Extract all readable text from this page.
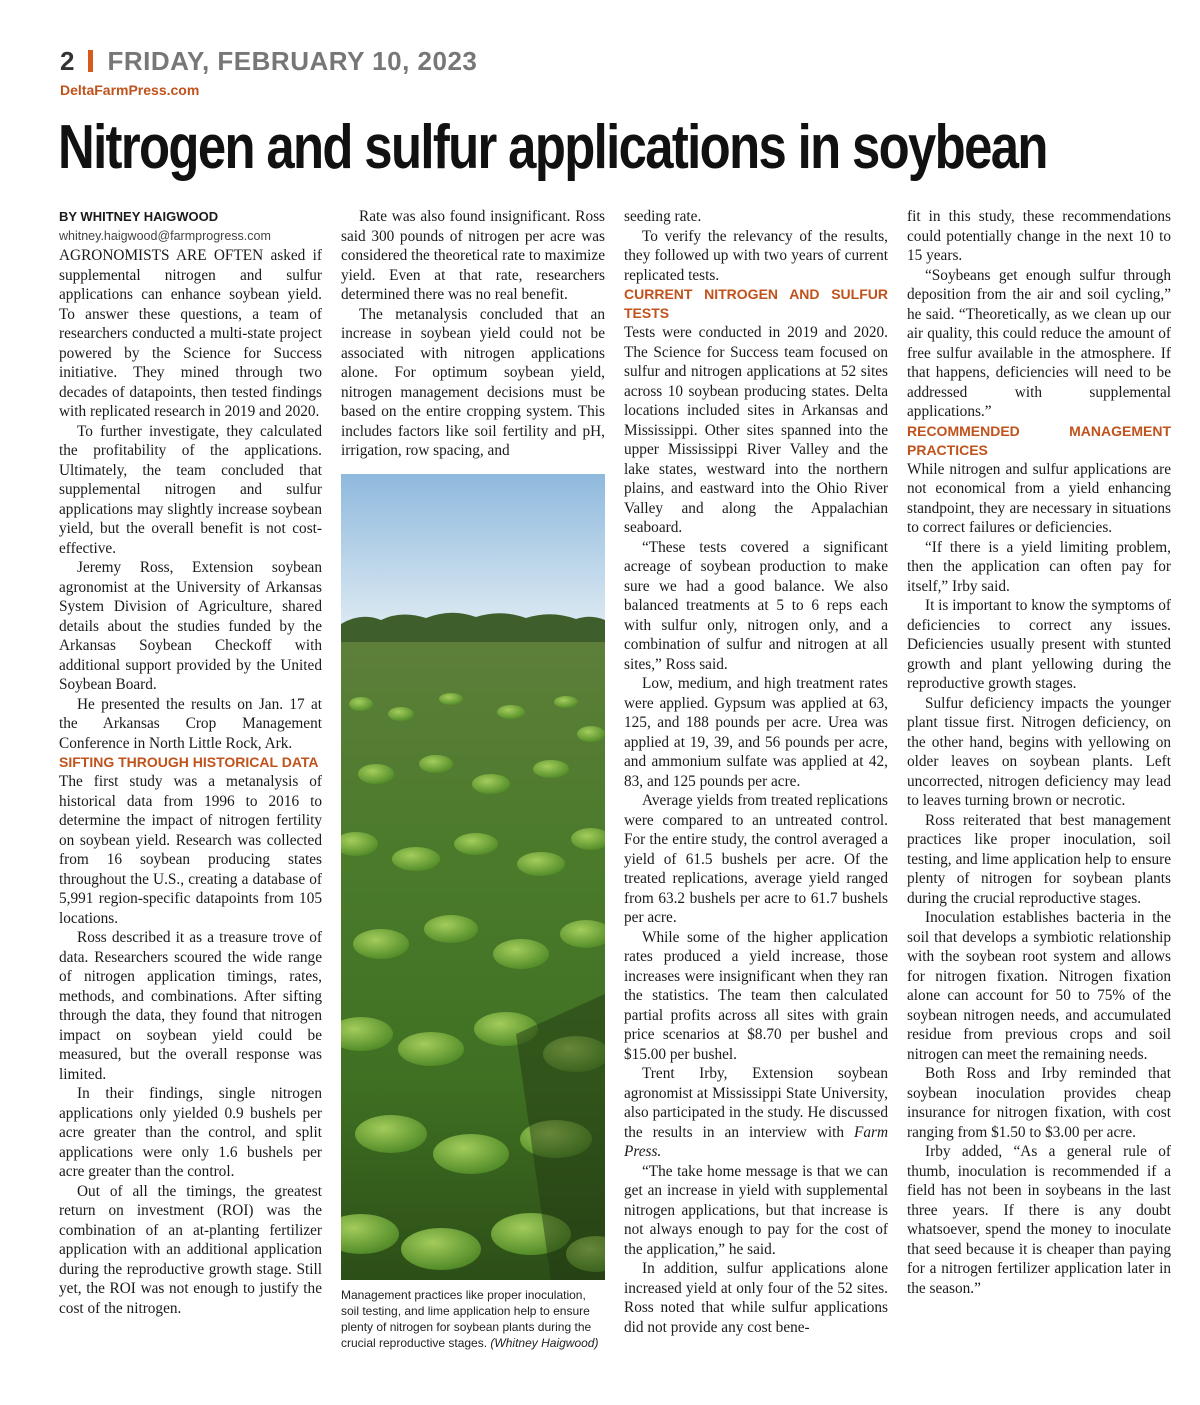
2 FRIDAY, FEBRUARY 10, 2023
DeltaFarmPress.com
Nitrogen and sulfur applications in soybean

BY WHITNEY HAIGWOOD

whitney.haigwood@farmprogress.com

AGRONOMISTS ARE OFTEN asked if supplemental nitrogen and sulfur applications can enhance soybean yield. To answer these questions, a team of researchers conducted a multi-state project powered by the Science for Success initiative. They mined through two decades of datapoints, then tested findings with replicated research in 2019 and 2020.

To further investigate, they calculated the profitability of the applications. Ultimately, the team concluded that supplemental nitrogen and sulfur applications may slightly increase soybean yield, but the overall benefit is not cost-effective.

Jeremy Ross, Extension soybean agronomist at the University of Arkansas System Division of Agriculture, shared details about the studies funded by the Arkansas Soybean Checkoff with additional support provided by the United Soybean Board.

He presented the results on Jan. 17 at the Arkansas Crop Management Conference in North Little Rock, Ark.

SIFTING THROUGH HISTORICAL DATA

The first study was a metanalysis of historical data from 1996 to 2016 to determine the impact of nitrogen fertility on soybean yield. Research was collected from 16 soybean producing states throughout the U.S., creating a database of 5,991 region-specific datapoints from 105 locations.

Ross described it as a treasure trove of data. Researchers scoured the wide range of nitrogen application timings, rates, methods, and combinations. After sifting through the data, they found that nitrogen impact on soybean yield could be measured, but the overall response was limited.

In their findings, single nitrogen applications only yielded 0.9 bushels per acre greater than the control, and split applications were only 1.6 bushels per acre greater than the control.

Out of all the timings, the greatest return on investment (ROI) was the combination of an at-planting fertilizer application with an additional application during the reproductive growth stage. Still yet, the ROI was not enough to justify the cost of the nitrogen.

Rate was also found insignificant. Ross said 300 pounds of nitrogen per acre was considered the theoretical rate to maximize yield. Even at that rate, researchers determined there was no real benefit.

The metanalysis concluded that an increase in soybean yield could not be associated with nitrogen applications alone. For optimum soybean yield, nitrogen management decisions must be based on the entire cropping system. This includes factors like soil fertility and pH, irrigation, row spacing, and

Management practices like proper inoculation, soil testing, and lime application help to ensure plenty of nitrogen for soybean plants during the crucial reproductive stages. (Whitney Haigwood)

seeding rate.

To verify the relevancy of the results, they followed up with two years of current replicated tests.

CURRENT NITROGEN AND SULFUR TESTS

Tests were conducted in 2019 and 2020. The Science for Success team focused on sulfur and nitrogen applications at 52 sites across 10 soybean producing states. Delta locations included sites in Arkansas and Mississippi. Other sites spanned into the upper Mississippi River Valley and the lake states, westward into the northern plains, and eastward into the Ohio River Valley and along the Appalachian seaboard.

“These tests covered a significant acreage of soybean production to make sure we had a good balance. We also balanced treatments at 5 to 6 reps each with sulfur only, nitrogen only, and a combination of sulfur and nitrogen at all sites,” Ross said.

Low, medium, and high treatment rates were applied. Gypsum was applied at 63, 125, and 188 pounds per acre. Urea was applied at 19, 39, and 56 pounds per acre, and ammonium sulfate was applied at 42, 83, and 125 pounds per acre.

Average yields from treated replications were compared to an untreated control. For the entire study, the control averaged a yield of 61.5 bushels per acre. Of the treated replications, average yield ranged from 63.2 bushels per acre to 61.7 bushels per acre.

While some of the higher application rates produced a yield increase, those increases were insignificant when they ran the statistics. The team then calculated partial profits across all sites with grain price scenarios at $8.70 per bushel and $15.00 per bushel.

Trent Irby, Extension soybean agronomist at Mississippi State University, also participated in the study. He discussed the results in an interview with Farm Press.

“The take home message is that we can get an increase in yield with supplemental nitrogen applications, but that increase is not always enough to pay for the cost of the application,” he said.

In addition, sulfur applications alone increased yield at only four of the 52 sites. Ross noted that while sulfur applications did not provide any cost bene-

fit in this study, these recommendations could potentially change in the next 10 to 15 years.

“Soybeans get enough sulfur through deposition from the air and soil cycling,” he said. “Theoretically, as we clean up our air quality, this could reduce the amount of free sulfur available in the atmosphere. If that happens, deficiencies will need to be addressed with supplemental applications.”

RECOMMENDED MANAGEMENT PRACTICES

While nitrogen and sulfur applications are not economical from a yield enhancing standpoint, they are necessary in situations to correct failures or deficiencies.

“If there is a yield limiting problem, then the application can often pay for itself,” Irby said.

It is important to know the symptoms of deficiencies to correct any issues. Deficiencies usually present with stunted growth and plant yellowing during the reproductive growth stages.

Sulfur deficiency impacts the younger plant tissue first. Nitrogen deficiency, on the other hand, begins with yellowing on older leaves on soybean plants. Left uncorrected, nitrogen deficiency may lead to leaves turning brown or necrotic.

Ross reiterated that best management practices like proper inoculation, soil testing, and lime application help to ensure plenty of nitrogen for soybean plants during the crucial reproductive stages.

Inoculation establishes bacteria in the soil that develops a symbiotic relationship with the soybean root system and allows for nitrogen fixation. Nitrogen fixation alone can account for 50 to 75% of the soybean nitrogen needs, and accumulated residue from previous crops and soil nitrogen can meet the remaining needs.

Both Ross and Irby reminded that soybean inoculation provides cheap insurance for nitrogen fixation, with cost ranging from $1.50 to $3.00 per acre.

Irby added, “As a general rule of thumb, inoculation is recommended if a field has not been in soybeans in the last three years. If there is any doubt whatsoever, spend the money to inoculate that seed because it is cheaper than paying for a nitrogen fertilizer application later in the season.”
